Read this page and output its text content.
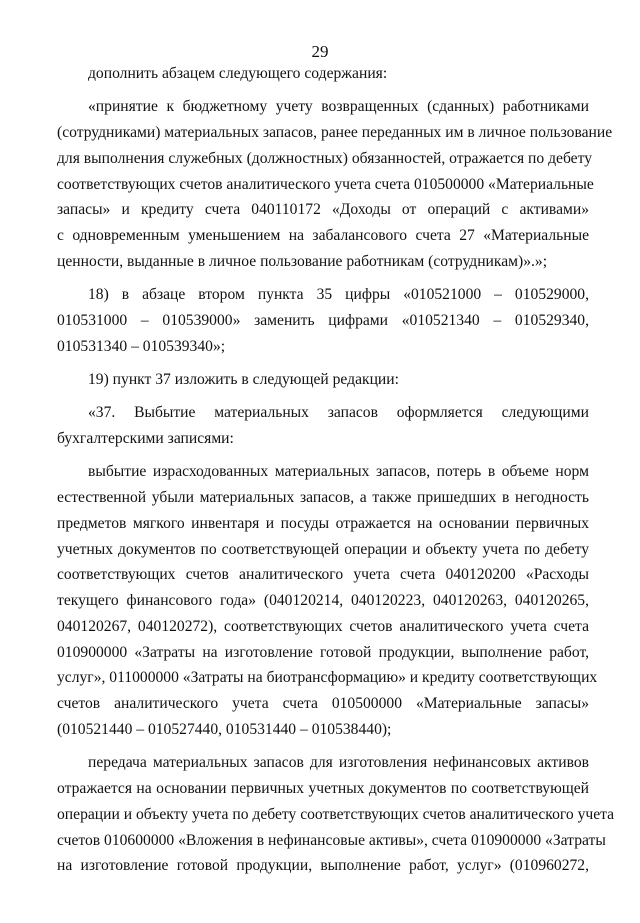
29
дополнить абзацем следующего содержания:
«принятие к бюджетному учету возвращенных (сданных) работниками
(сотрудниками) материальных запасов, ранее переданных им в личное пользование
для выполнения служебных (должностных) обязанностей, отражается по дебету
соответствующих счетов аналитического учета счета 010500000 «Материальные
запасы» и кредиту счета 040110172 «Доходы от операций с активами»
с одновременным уменьшением на забалансового счета 27 «Материальные
ценности, выданные в личное пользование работникам (сотрудникам)».»;
18) в абзаце втором пункта 35 цифры «010521000 – 010529000,
010531000 – 010539000» заменить цифрами «010521340 – 010529340,
010531340 – 010539340»;
19) пункт 37 изложить в следующей редакции:
«37. Выбытие материальных запасов оформляется следующими
бухгалтерскими записями:
выбытие израсходованных материальных запасов, потерь в объеме норм
естественной убыли материальных запасов, а также пришедших в негодность
предметов мягкого инвентаря и посуды отражается на основании первичных
учетных документов по соответствующей операции и объекту учета по дебету
соответствующих счетов аналитического учета счета 040120200 «Расходы
текущего финансового года» (040120214, 040120223, 040120263, 040120265,
040120267, 040120272), соответствующих счетов аналитического учета счета
010900000 «Затраты на изготовление готовой продукции, выполнение работ,
услуг», 011000000 «Затраты на биотрансформацию» и кредиту соответствующих
счетов аналитического учета счета 010500000 «Материальные запасы»
(010521440 – 010527440, 010531440 – 010538440);
передача материальных запасов для изготовления нефинансовых активов
отражается на основании первичных учетных документов по соответствующей
операции и объекту учета по дебету соответствующих счетов аналитического учета
счетов 010600000 «Вложения в нефинансовые активы», счета 010900000 «Затраты
на изготовление готовой продукции, выполнение работ, услуг» (010960272,
